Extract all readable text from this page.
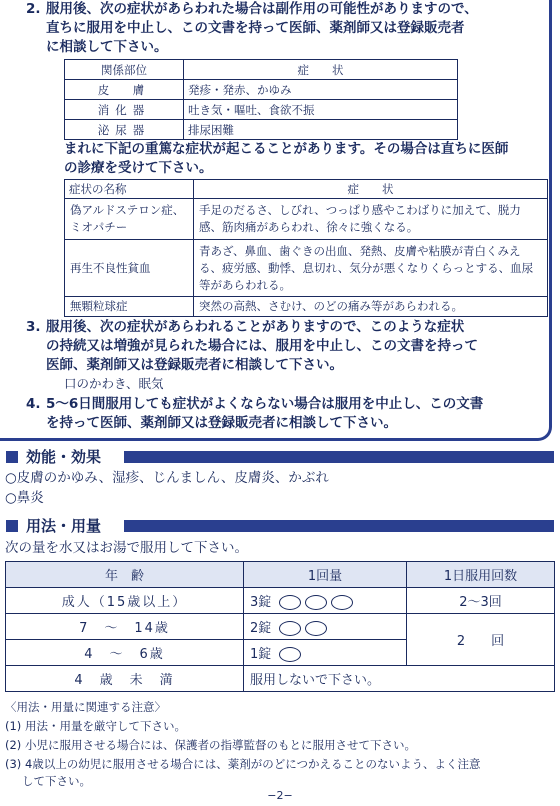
2. 服用後、次の症状があらわれた場合は副作用の可能性がありますので、
直ちに服用を中止し、この文書を持って医師、薬剤師又は登録販売者
に相談して下さい。
関係部位	症　　状
皮　膚	発疹・発赤、かゆみ
消化器	吐き気・嘔吐、食欲不振
泌尿器	排尿困難
まれに下記の重篤な症状が起こることがあります。その場合は直ちに医師
の診療を受けて下さい。
症状の名称	症　　状
偽アルドステロン症、ミオパチー	手足のだるさ、しびれ、つっぱり感やこわばりに加えて、脱力感、筋肉痛があらわれ、徐々に強くなる。
再生不良性貧血	青あざ、鼻血、歯ぐきの出血、発熱、皮膚や粘膜が青白くみえる、疲労感、動悸、息切れ、気分が悪くなりくらっとする、血尿等があらわれる。
無顆粒球症	突然の高熱、さむけ、のどの痛み等があらわれる。
3. 服用後、次の症状があらわれることがありますので、このような症状
の持続又は増強が見られた場合には、服用を中止し、この文書を持って
医師、薬剤師又は登録販売者に相談して下さい。
口のかわき、眠気
4. 5〜6日間服用しても症状がよくならない場合は服用を中止し、この文書
を持って医師、薬剤師又は登録販売者に相談して下さい。
効能・効果
○皮膚のかゆみ、湿疹、じんましん、皮膚炎、かぶれ
○鼻炎
用法・用量
次の量を水又はお湯で服用して下さい。
年　齢	1回量	1日服用回数
成人（15歳以上）	3錠	2〜3回
7　〜　14歳	2錠	2　　回
4　〜　6歳	1錠	
4　歳　未　満	服用しないで下さい。	
〈用法・用量に関連する注意〉
(1) 用法・用量を厳守して下さい。
(2) 小児に服用させる場合には、保護者の指導監督のもとに服用させて下さい。
(3) 4歳以上の幼児に服用させる場合には、薬剤がのどにつかえることのないよう、よく注意
して下さい。
−2−
